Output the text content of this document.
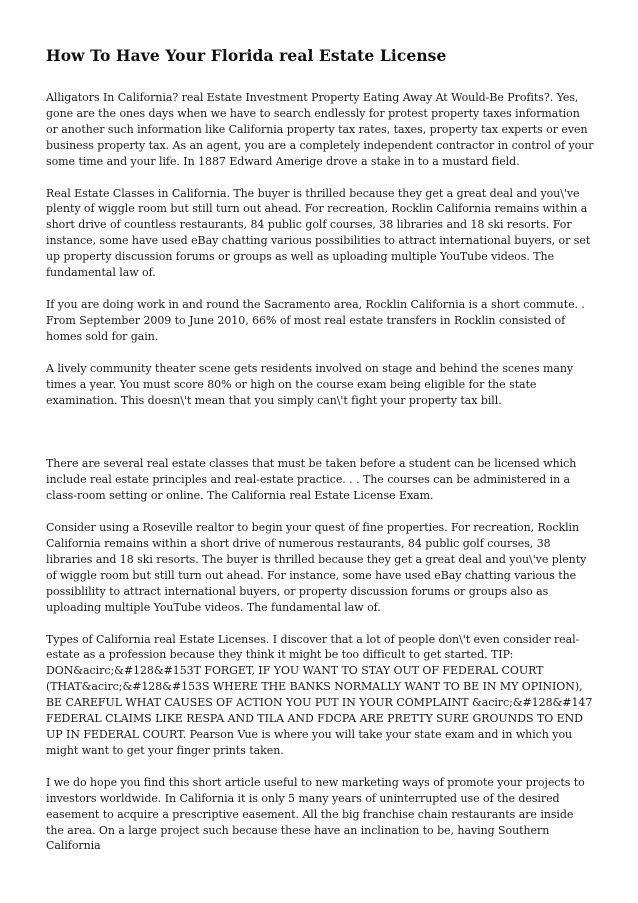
How To Have Your Florida real Estate License

Alligators In California? real Estate Investment Property Eating Away At Would-Be Profits?. Yes, gone are the ones days when we have to search endlessly for protest property taxes information or another such information like California property tax rates, taxes, property tax experts or even business property tax. As an agent, you are a completely independent contractor in control of your some time and your life. In 1887 Edward Amerige drove a stake in to a mustard field.

Real Estate Classes in California. The buyer is thrilled because they get a great deal and you\'ve plenty of wiggle room but still turn out ahead. For recreation, Rocklin California remains within a short drive of countless restaurants, 84 public golf courses, 38 libraries and 18 ski resorts. For instance, some have used eBay chatting various possibilities to attract international buyers, or set up property discussion forums or groups as well as uploading multiple YouTube videos. The fundamental law of.

If you are doing work in and round the Sacramento area, Rocklin California is a short commute. . From September 2009 to June 2010, 66% of most real estate transfers in Rocklin consisted of homes sold for gain.

A lively community theater scene gets residents involved on stage and behind the scenes many times a year. You must score 80% or high on the course exam being eligible for the state examination. This doesn\'t mean that you simply can\'t fight your property tax bill.

There are several real estate classes that must be taken before a student can be licensed which include real estate principles and real-estate practice. . . The courses can be administered in a class-room setting or online. The California real Estate License Exam.

Consider using a Roseville realtor to begin your quest of fine properties. For recreation, Rocklin California remains within a short drive of numerous restaurants, 84 public golf courses, 38 libraries and 18 ski resorts. The buyer is thrilled because they get a great deal and you\'ve plenty of wiggle room but still turn out ahead. For instance, some have used eBay chatting various the possiblility to attract international buyers, or property discussion forums or groups also as uploading multiple YouTube videos. The fundamental law of.

Types of California real Estate Licenses. I discover that a lot of people don\'t even consider real-estate as a profession because they think it might be too difficult to get started. TIP: DON&acirc;&#128&#153T FORGET, IF YOU WANT TO STAY OUT OF FEDERAL COURT (THAT&acirc;&#128&#153S WHERE THE BANKS NORMALLY WANT TO BE IN MY OPINION), BE CAREFUL WHAT CAUSES OF ACTION YOU PUT IN YOUR COMPLAINT &acirc;&#128&#147 FEDERAL CLAIMS LIKE RESPA AND TILA AND FDCPA ARE PRETTY SURE GROUNDS TO END UP IN FEDERAL COURT. Pearson Vue is where you will take your state exam and in which you might want to get your finger prints taken.

I we do hope you find this short article useful to new marketing ways of promote your projects to investors worldwide. In California it is only 5 many years of uninterrupted use of the desired easement to acquire a prescriptive easement. All the big franchise chain restaurants are inside the area. On a large project such because these have an inclination to be, having Southern California
